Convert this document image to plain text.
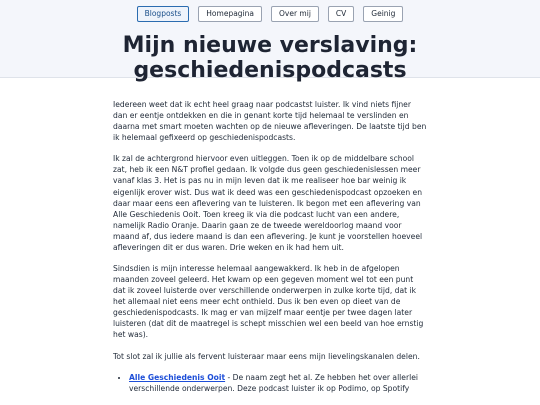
Blogposts	Homepagina	Over mij	CV	Geinig
Mijn nieuwe verslaving: geschiedenispodcasts

Iedereen weet dat ik echt heel graag naar podcastst luister. Ik vind niets fijner dan er eentje ontdekken en die in genant korte tijd helemaal te verslinden en daarna met smart moeten wachten op de nieuwe afleveringen. De laatste tijd ben ik helemaal gefixeerd op geschiedenispodcasts.

Ik zal de achtergrond hiervoor even uitleggen. Toen ik op de middelbare school zat, heb ik een N&T profiel gedaan. Ik volgde dus geen geschiedenislessen meer vanaf klas 3. Het is pas nu in mijn leven dat ik me realiseer hoe bar weinig ik eigenlijk erover wist. Dus wat ik deed was een geschiedenispodcast opzoeken en daar maar eens een aflevering van te luisteren. Ik begon met een aflevering van Alle Geschiedenis Ooit. Toen kreeg ik via die podcast lucht van een andere, namelijk Radio Oranje. Daarin gaan ze de tweede wereldoorlog maand voor maand af, dus iedere maand is dan een aflevering. Je kunt je voorstellen hoeveel afleveringen dit er dus waren. Drie weken en ik had hem uit.

Sindsdien is mijn interesse helemaal aangewakkerd. Ik heb in de afgelopen maanden zoveel geleerd. Het kwam op een gegeven moment wel tot een punt dat ik zoveel luisterde over verschillende onderwerpen in zulke korte tijd, dat ik het allemaal niet eens meer echt onthield. Dus ik ben even op dieet van de geschiedenispodcasts. Ik mag er van mijzelf maar eentje per twee dagen later luisteren (dat dit de maatregel is schept misschien wel een beeld van hoe ernstig het was).

Tot slot zal ik jullie als fervent luisteraar maar eens mijn lievelingskanalen delen.

• Alle Geschiedenis Ooit - De naam zegt het al. Ze hebben het over allerlei verschillende onderwerpen. Deze podcast luister ik op Podimo, op Spotify
